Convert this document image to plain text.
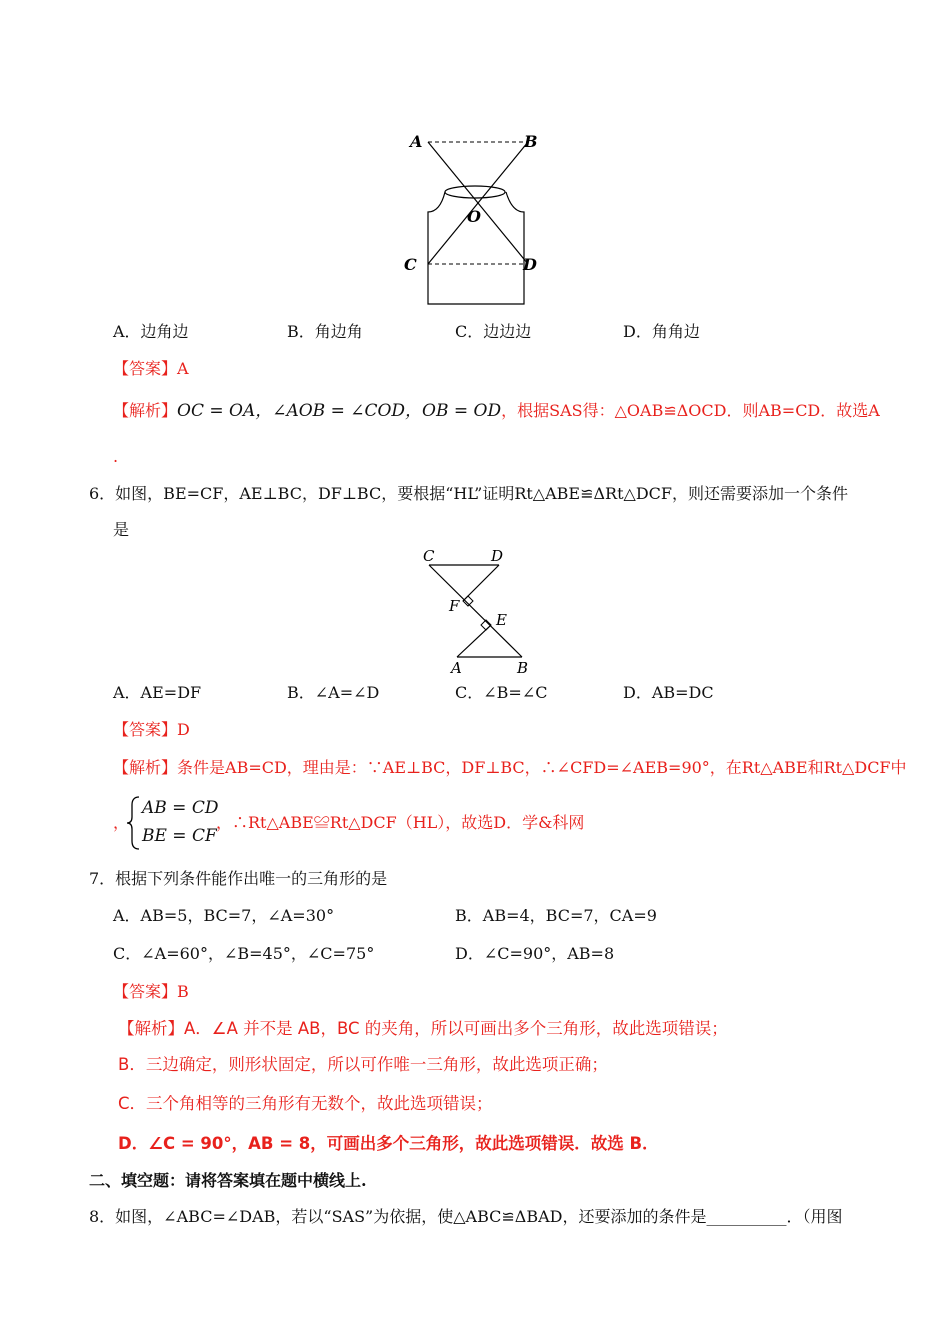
A	B
O
C	D
A．边角边	B．角边角	C．边边边	D．角角边
【答案】A
【解析】OC = OA，∠AOB = ∠COD，OB = OD，根据SAS得：△OAB≌ΔOCD．则AB=CD．故选A
.
6．如图，BE=CF，AE⊥BC，DF⊥BC，要根据“HL”证明Rt△ABE≌ΔRt△DCF，则还需要添加一个条件
是
C	D
F
E
A	B
A．AE=DF	B．∠A=∠D	C．∠B=∠C	D．AB=DC
【答案】D
【解析】条件是AB=CD，理由是：∵AE⊥BC，DF⊥BC，∴∠CFD=∠AEB=90°，在Rt△ABE和Rt△DCF中
，
AB = CD
BE = CF
，∴Rt△ABE≌Rt△DCF（HL），故选D．学&科网
7．根据下列条件能作出唯一的三角形的是
A．AB=5，BC=7，∠A=30°	B．AB=4，BC=7，CA=9
C．∠A=60°，∠B=45°，∠C=75°	D．∠C=90°，AB=8
【答案】B
【解析】A．∠A 并不是 AB，BC 的夹角，所以可画出多个三角形，故此选项错误；
B．三边确定，则形状固定，所以可作唯一三角形，故此选项正确；
C．三个角相等的三角形有无数个，故此选项错误；
D．∠C = 90°，AB = 8，可画出多个三角形，故此选项错误．故选 B．
二、填空题：请将答案填在题中横线上.
8．如图，∠ABC=∠DAB，若以“SAS”为依据，使△ABC≌ΔBAD，还要添加的条件是__________．（用图
